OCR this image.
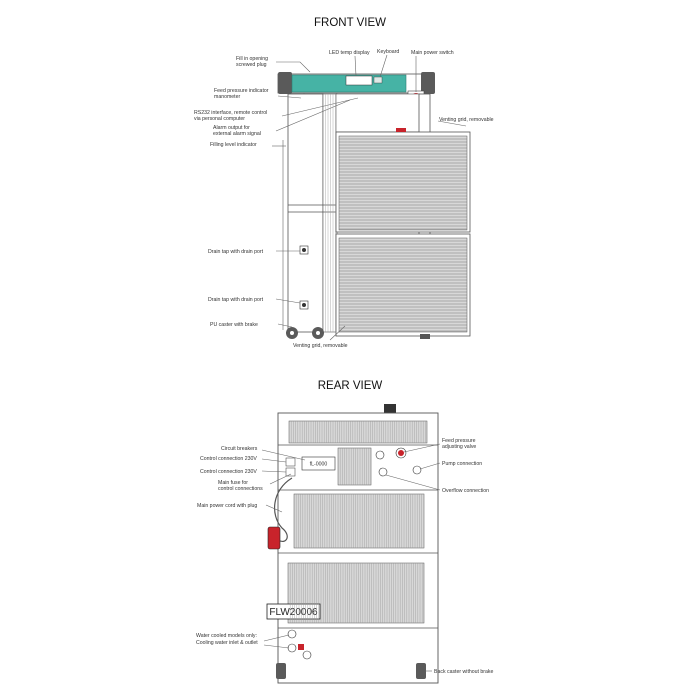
FRONT VIEW
Fill in opening
screwed plug
LED temp display Keyboard Main power switch
Feed pressure indicator
manometer
RS232 interface, remote control
via personal computer
Alarm output for
external alarm signal
Filling level indicator
Venting grid, removable
Drain tap with drain port
Drain tap with drain port
PU caster with brake
Venting grid, removable
REAR VIEW
fL-0000
FLW20006
Circuit breakers
Control connection 230V
Control connection 230V
Main fuse for
control connections
Main power cord with plug
Feed pressure
adjusting valve
Pump connection
Overflow connection
Water cooled models only:
Cooling water inlet & outlet
Back caster without brake
